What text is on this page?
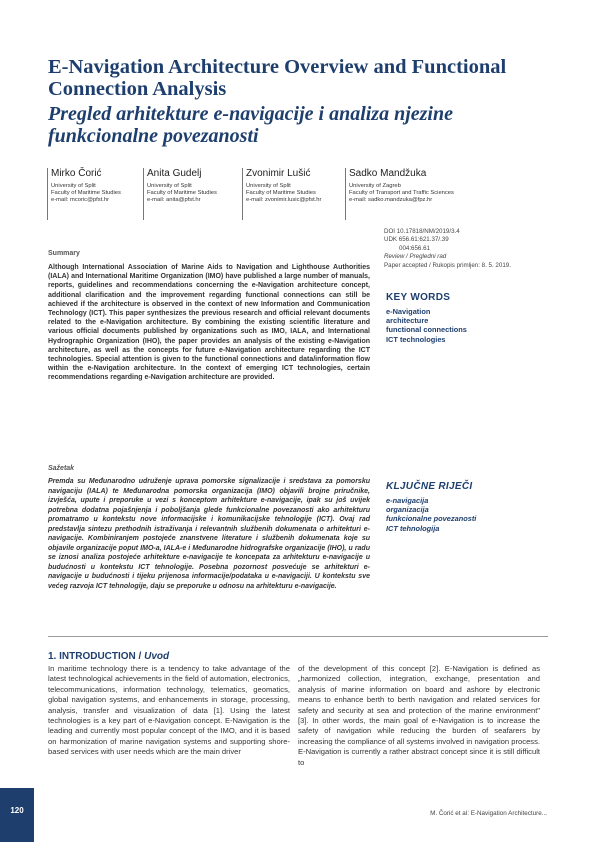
E-Navigation Architecture Overview and Functional Connection Analysis
Pregled arhitekture e-navigacije i analiza njezine funkcionalne povezanosti
Mirko Čorić
University of Split
Faculty of Maritime Studies
e-mail: mcoric@pfst.hr
Anita Gudelj
University of Split
Faculty of Maritime Studies
e-mail: anita@pfst.hr
Zvonimir Lušić
University of Split
Faculty of Maritime Studies
e-mail: zvonimir.lusic@pfst.hr
Sadko Mandžuka
University of Zagreb
Faculty of Transport and Traffic Sciences
e-mail: sadko.mandzuka@fpz.hr
DOI 10.17818/NM/2019/3.4
UDK 656.61:621.37/.39
004:656.61
Review / Pregledni rad
Paper accepted / Rukopis primljen: 8. 5. 2019.
Summary

Although International Association of Marine Aids to Navigation and Lighthouse Authorities (IALA) and International Maritime Organization (IMO) have published a large number of manuals, reports, guidelines and recommendations concerning the e-Navigation architecture concept, additional clarification and the improvement regarding functional connections can still be achieved if the architecture is observed in the context of new Information and Communication Technology (ICT). This paper synthesizes the previous research and official relevant documents related to the e-Navigation architecture. By combining the existing scientific literature and various official documents published by organizations such as IMO, IALA, and International Hydrographic Organization (IHO), the paper provides an analysis of the existing e-Navigation architecture, as well as the concepts for future e-Navigation architecture regarding the ICT technologies. Special attention is given to the functional connections and data/information flow within the e-Navigation architecture. In the context of emerging ICT technologies, certain recommendations regarding e-Navigation architecture are provided.

KEY WORDS
e-Navigation
architecture
functional connections
ICT technologies
Sažetak

Premda su Međunarodno udruženje uprava pomorske signalizacije i sredstava za pomorsku navigaciju (IALA) te Međunarodna pomorska organizacija (IMO) objavili brojne priručnike, izvješća, upute i preporuke u vezi s konceptom arhitekture e-navigacije, ipak su još uvijek potrebna dodatna pojašnjenja i poboljšanja glede funkcionalne povezanosti ako arhitekturu promatramo u kontekstu nove informacijske i komunikacijske tehnologije (ICT). Ovaj rad predstavlja sintezu prethodnih istraživanja i relevantnih službenih dokumenata o arhitekturi e-navigacije. Kombiniranjem postojeće znanstvene literature i službenih dokumenata koje su objavile organizacije poput IMO-a, IALA-e i Međunarodne hidrografske organizacije (IHO), u radu se iznosi analiza postojeće arhitekture e-navigacije te koncepata za arhitekturu e-navigacije u budućnosti u kontekstu ICT tehnologije. Posebna pozornost posvećuje se arhitekturi e-navigacije u budućnosti i tijeku prijenosa informacije/podataka u e-navigaciji. U kontekstu sve većeg razvoja ICT tehnologije, daju se preporuke u odnosu na arhitekturu e-navigacije.

KLJUČNE RIJEČI
e-navigacija
organizacija
funkcionalne povezanosti
ICT tehnologija
1. INTRODUCTION / Uvod

In maritime technology there is a tendency to take advantage of the latest technological achievements in the field of automation, electronics, telecommunications, information technology, telematics, geomatics, global navigation systems, and enhancements in storage, processing, analysis, transfer and visualization of data [1]. Using the latest technologies is a key part of e-Navigation concept. E-Navigation is the leading and currently most popular concept of the IMO, and it is based on harmonization of marine navigation systems and supporting shore-based services with user needs which are the main driver

of the development of this concept [2]. E-Navigation is defined as „harmonized collection, integration, exchange, presentation and analysis of marine information on board and ashore by electronic means to enhance berth to berth navigation and related services for safety and security at sea and protection of the marine environment" [3]. In other words, the main goal of e-Navigation is to increase the safety of navigation while reducing the burden of seafarers by increasing the compliance of all systems involved in navigation process. E-Navigation is currently a rather abstract concept since it is still difficult to

120	M. Čorić et al: E-Navigation Architecture...
